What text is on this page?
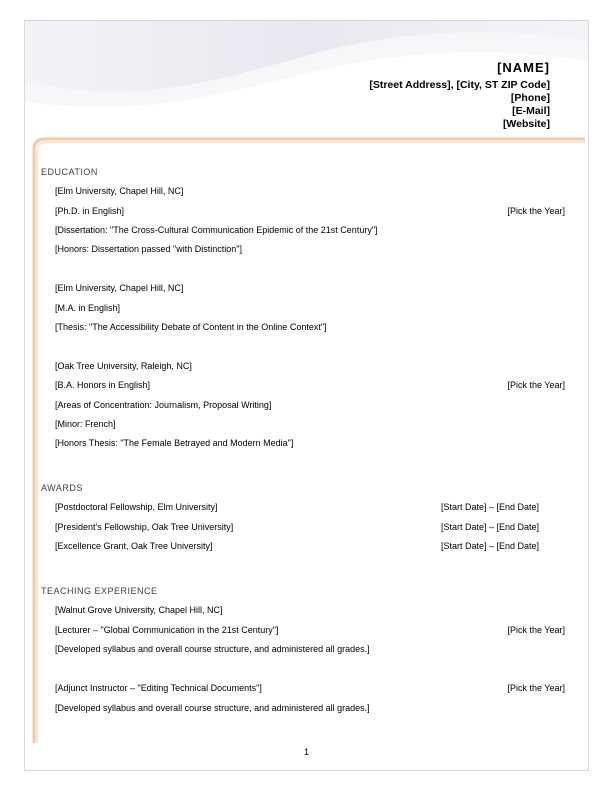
[NAME]
[Street Address], [City, ST ZIP Code]
[Phone]
[E-Mail]
[Website]
EDUCATION
[Elm University, Chapel Hill, NC]
[Ph.D. in English]	[Pick the Year]
[Dissertation: "The Cross-Cultural Communication Epidemic of the 21st Century"]
[Honors: Dissertation passed "with Distinction"]
[Elm University, Chapel Hill, NC]
[M.A. in English]
[Thesis: "The Accessibility Debate of Content in the Online Context"]
[Oak Tree University, Raleigh, NC]
[B.A. Honors in English]	[Pick the Year]
[Areas of Concentration: Journalism, Proposal Writing]
[Minor: French]
[Honors Thesis: "The Female Betrayed and Modern Media"]
AWARDS
[Postdoctoral Fellowship, Elm University]	[Start Date] – [End Date]
[President's Fellowship, Oak Tree University]	[Start Date] – [End Date]
[Excellence Grant, Oak Tree University]	[Start Date] – [End Date]
TEACHING EXPERIENCE
[Walnut Grove University, Chapel Hill, NC]
[Lecturer – "Global Communication in the 21st Century"]	[Pick the Year]
[Developed syllabus and overall course structure, and administered all grades.]
[Adjunct Instructor – "Editing Technical Documents"]	[Pick the Year]
[Developed syllabus and overall course structure, and administered all grades.]
1
